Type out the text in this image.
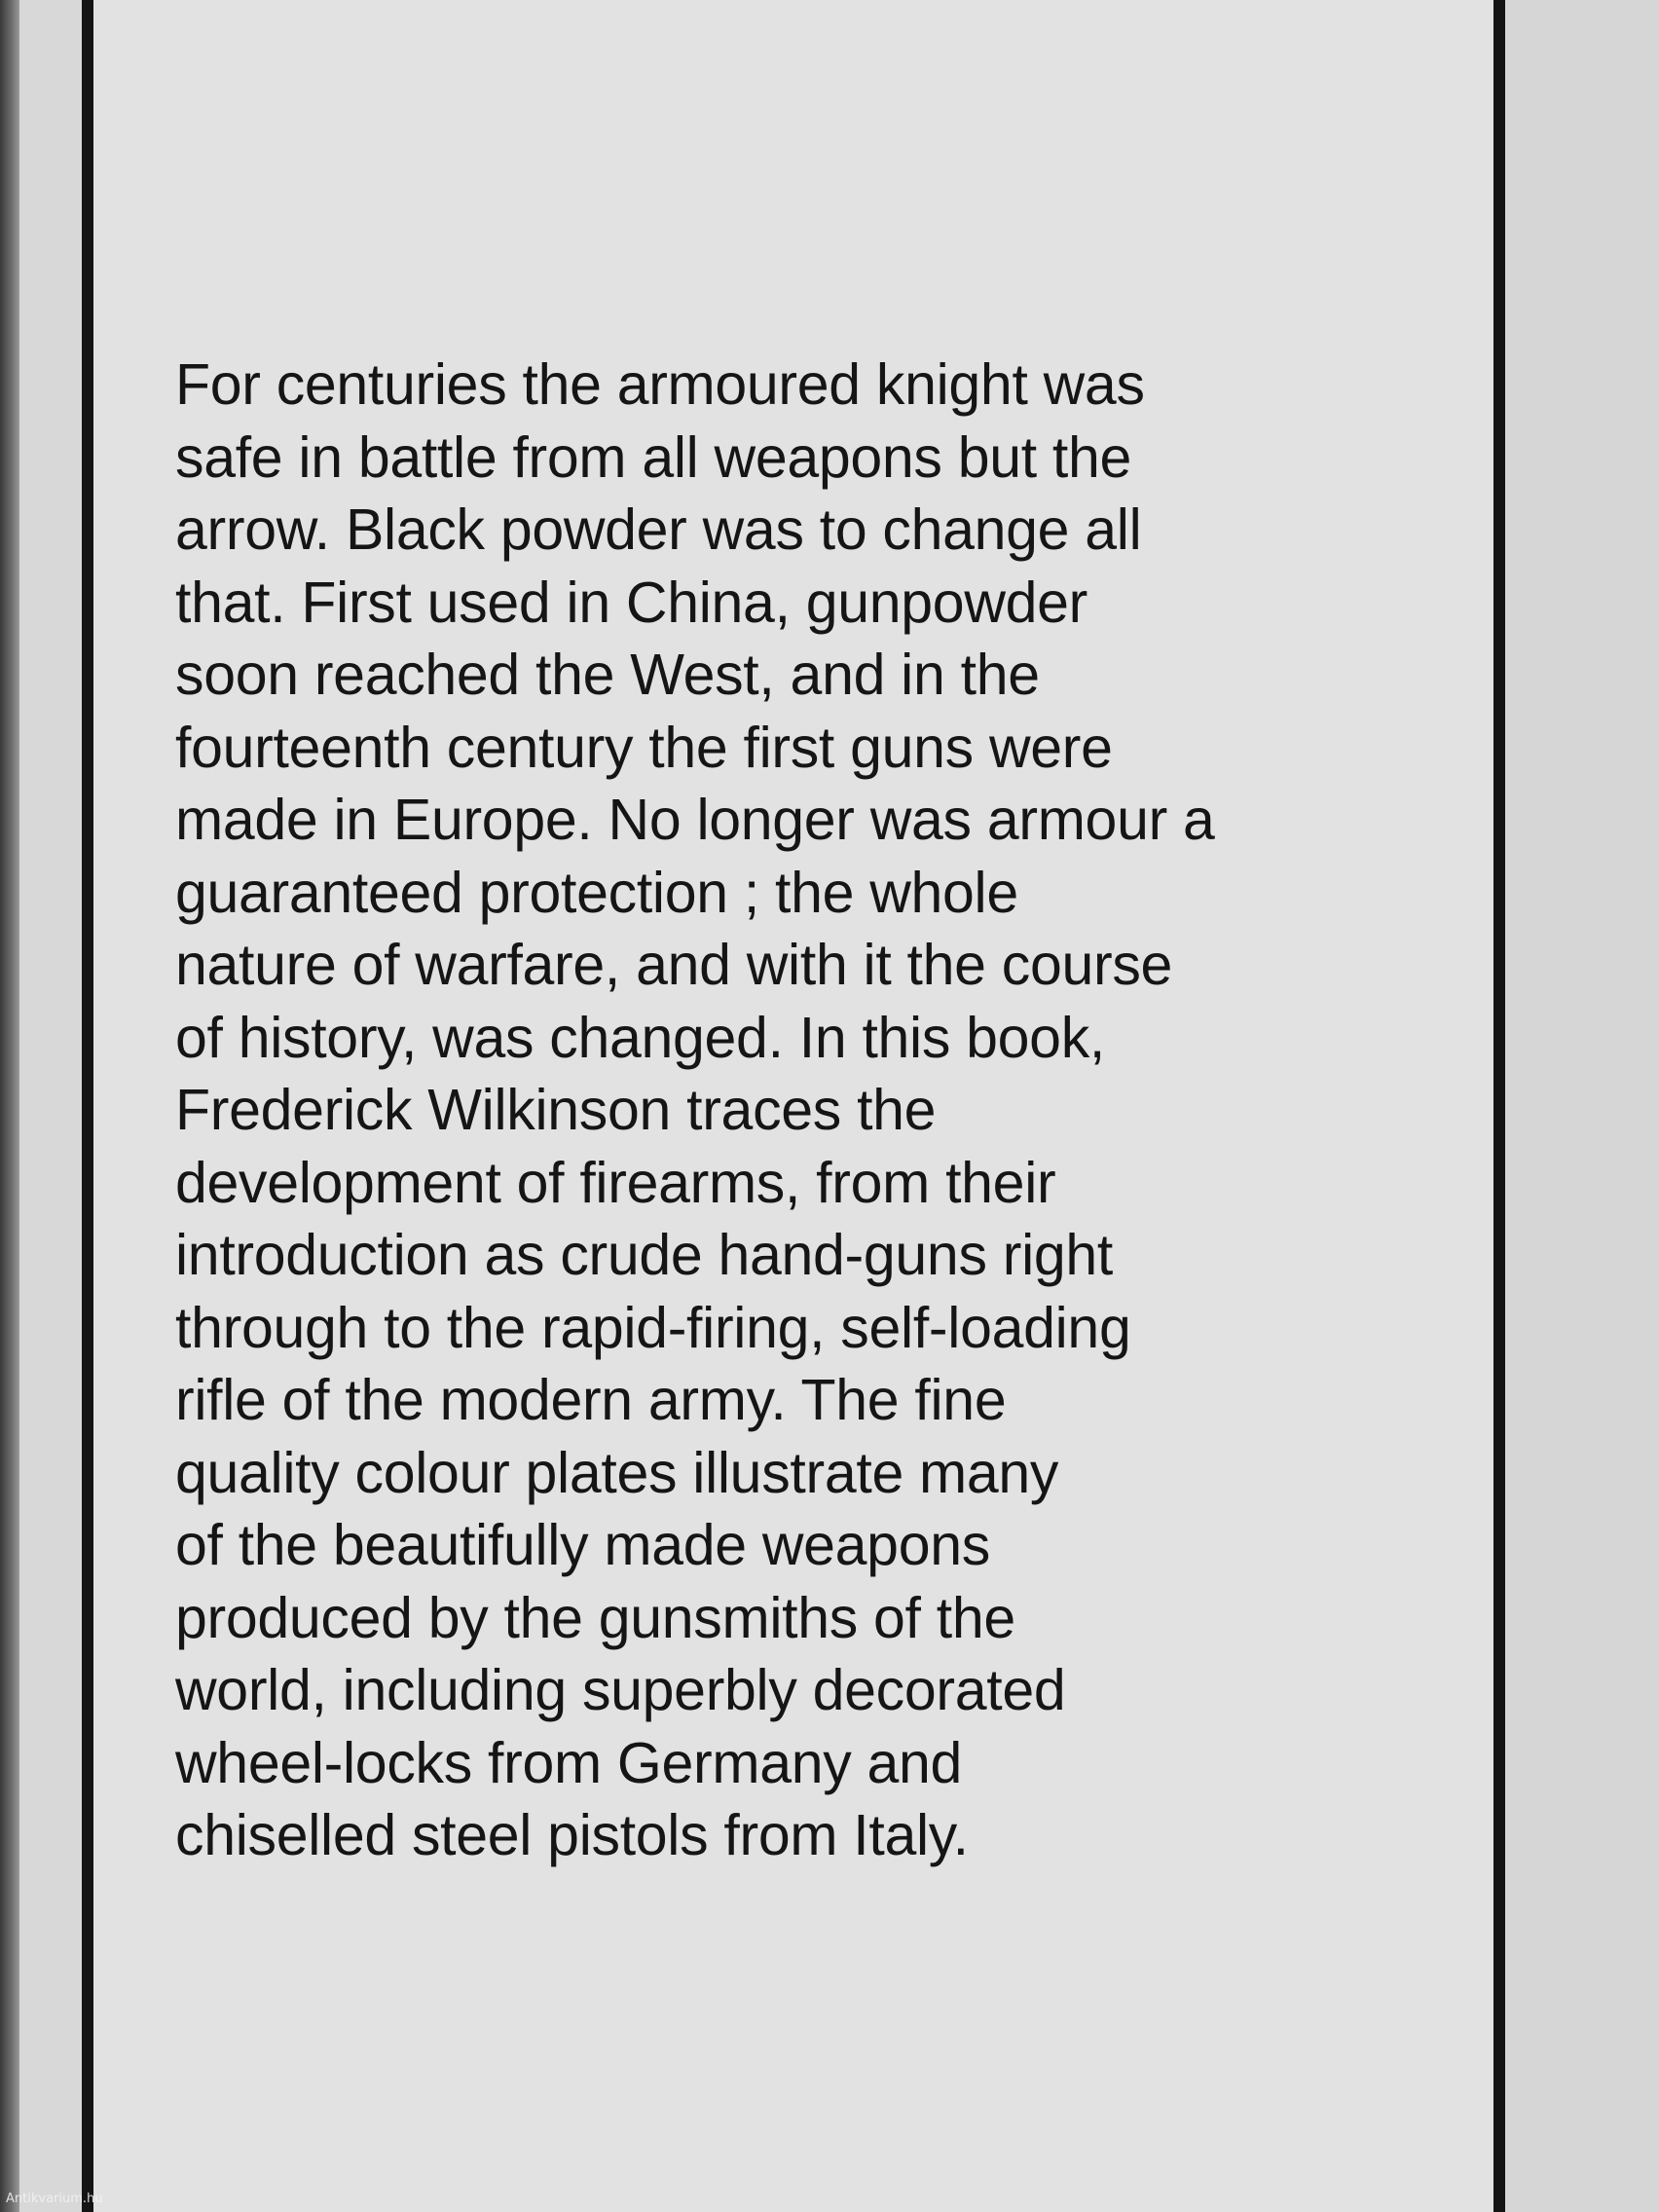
For centuries the armoured knight was
safe in battle from all weapons but the
arrow. Black powder was to change all
that. First used in China, gunpowder
soon reached the West, and in the
fourteenth century the first guns were
made in Europe. No longer was armour a
guaranteed protection ; the whole
nature of warfare, and with it the course
of history, was changed. In this book,
Frederick Wilkinson traces the
development of firearms, from their
introduction as crude hand-guns right
through to the rapid-firing, self-loading
rifle of the modern army. The fine
quality colour plates illustrate many
of the beautifully made weapons
produced by the gunsmiths of the
world, including superbly decorated
wheel-locks from Germany and
chiselled steel pistols from Italy.

Antikvarium.hu
